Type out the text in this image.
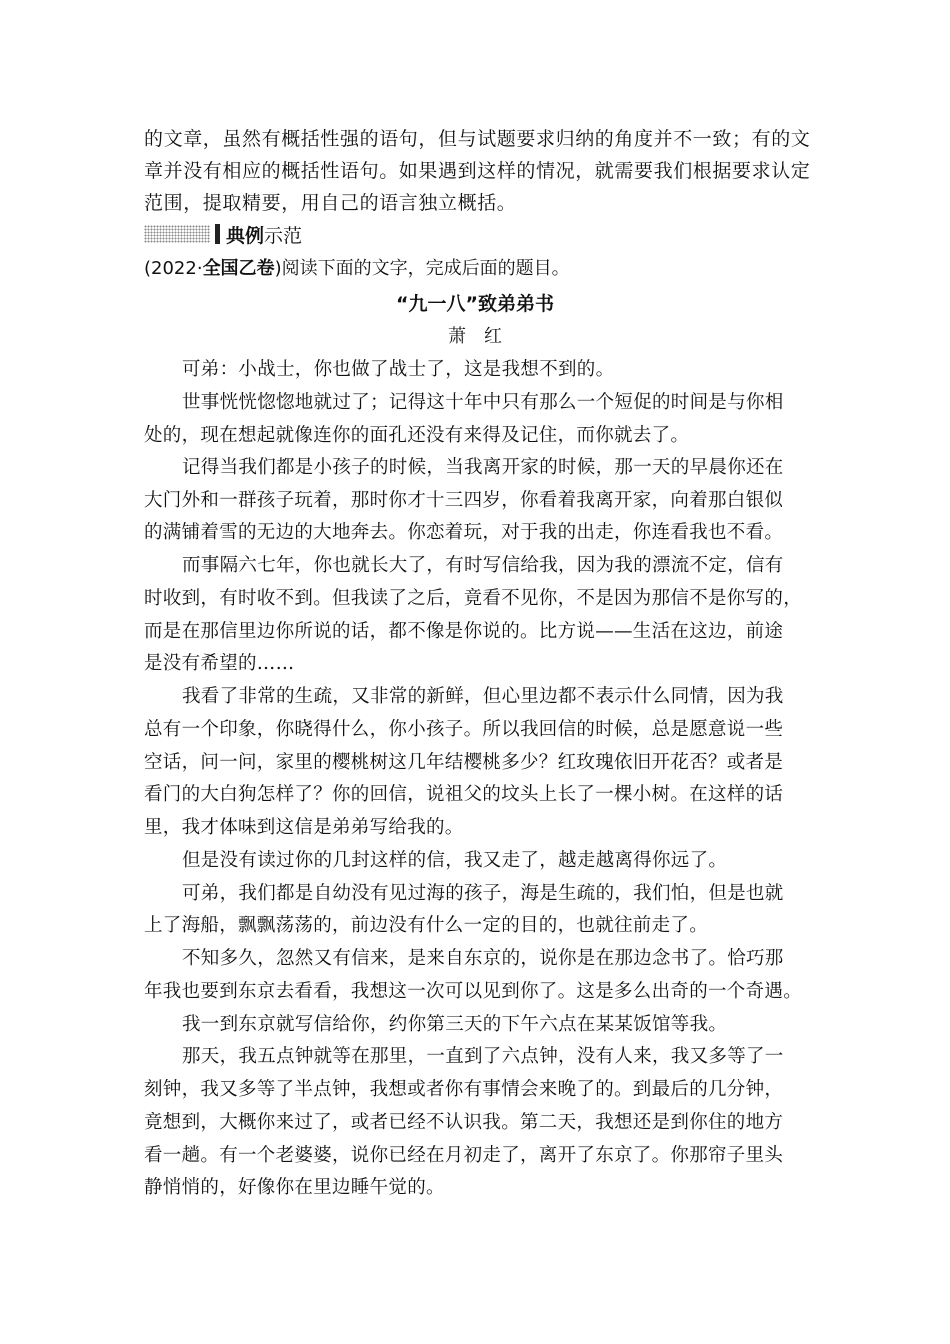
的文章，虽然有概括性强的语句，但与试题要求归纳的角度并不一致；有的文
章并没有相应的概括性语句。如果遇到这样的情况，就需要我们根据要求认定
范围，提取精要，用自己的语言独立概括。
典例 示范
(2022·全国乙卷)阅读下面的文字，完成后面的题目。
“九一八”致弟弟书
萧红
可弟：小战士，你也做了战士了，这是我想不到的。
世事恍恍惚惚地就过了；记得这十年中只有那么一个短促的时间是与你相
处的，现在想起就像连你的面孔还没有来得及记住，而你就去了。
记得当我们都是小孩子的时候，当我离开家的时候，那一天的早晨你还在
大门外和一群孩子玩着，那时你才十三四岁，你看着我离开家，向着那白银似
的满铺着雪的无边的大地奔去。你恋着玩，对于我的出走，你连看我也不看。
而事隔六七年，你也就长大了，有时写信给我，因为我的漂流不定，信有
时收到，有时收不到。但我读了之后，竟看不见你，不是因为那信不是你写的，
而是在那信里边你所说的话，都不像是你说的。比方说——生活在这边，前途
是没有希望的……
我看了非常的生疏，又非常的新鲜，但心里边都不表示什么同情，因为我
总有一个印象，你晓得什么，你小孩子。所以我回信的时候，总是愿意说一些
空话，问一问，家里的樱桃树这几年结樱桃多少？红玫瑰依旧开花否？或者是
看门的大白狗怎样了？你的回信，说祖父的坟头上长了一棵小树。在这样的话
里，我才体味到这信是弟弟写给我的。
但是没有读过你的几封这样的信，我又走了，越走越离得你远了。
可弟，我们都是自幼没有见过海的孩子，海是生疏的，我们怕，但是也就
上了海船，飘飘荡荡的，前边没有什么一定的目的，也就往前走了。
不知多久，忽然又有信来，是来自东京的，说你是在那边念书了。恰巧那
年我也要到东京去看看，我想这一次可以见到你了。这是多么出奇的一个奇遇。
我一到东京就写信给你，约你第三天的下午六点在某某饭馆等我。
那天，我五点钟就等在那里，一直到了六点钟，没有人来，我又多等了一
刻钟，我又多等了半点钟，我想或者你有事情会来晚了的。到最后的几分钟，
竟想到，大概你来过了，或者已经不认识我。第二天，我想还是到你住的地方
看一趟。有一个老婆婆，说你已经在月初走了，离开了东京了。你那帘子里头
静悄悄的，好像你在里边睡午觉的。
